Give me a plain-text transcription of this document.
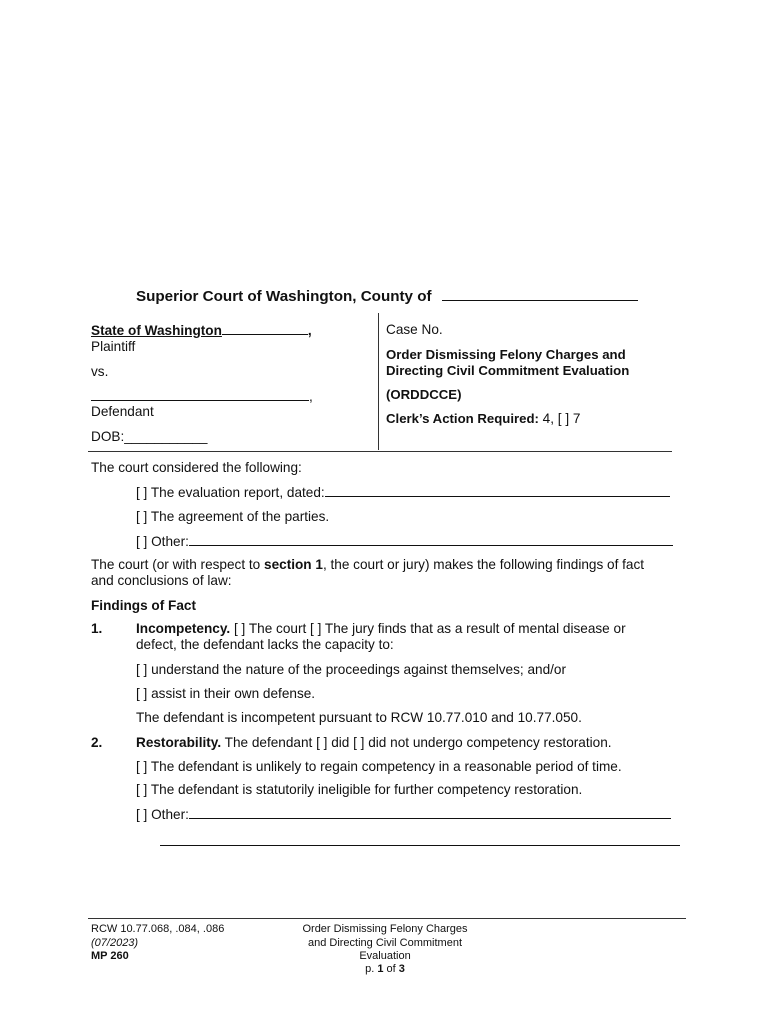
Superior Court of Washington, County of
State of Washington	,
Plaintiff
vs.
,
Defendant
DOB:___________
Case No.
Order Dismissing Felony Charges and
Directing Civil Commitment Evaluation
(ORDDCCE)
Clerk’s Action Required: 4, [ ] 7
The court considered the following:
[ ] The evaluation report, dated:
[ ] The agreement of the parties.
[ ] Other:
The court (or with respect to section 1, the court or jury) makes the following findings of fact
and conclusions of law:
Findings of Fact
1. Incompetency. [ ] The court [ ] The jury finds that as a result of mental disease or
defect, the defendant lacks the capacity to:
[ ] understand the nature of the proceedings against themselves; and/or
[ ] assist in their own defense.
The defendant is incompetent pursuant to RCW 10.77.010 and 10.77.050.
2. Restorability. The defendant [ ] did [ ] did not undergo competency restoration.
[ ] The defendant is unlikely to regain competency in a reasonable period of time.
[ ] The defendant is statutorily ineligible for further competency restoration.
[ ] Other:
RCW 10.77.068, .084, .086
(07/2023)
MP 260
Order Dismissing Felony Charges
and Directing Civil Commitment
Evaluation
p. 1 of 3
